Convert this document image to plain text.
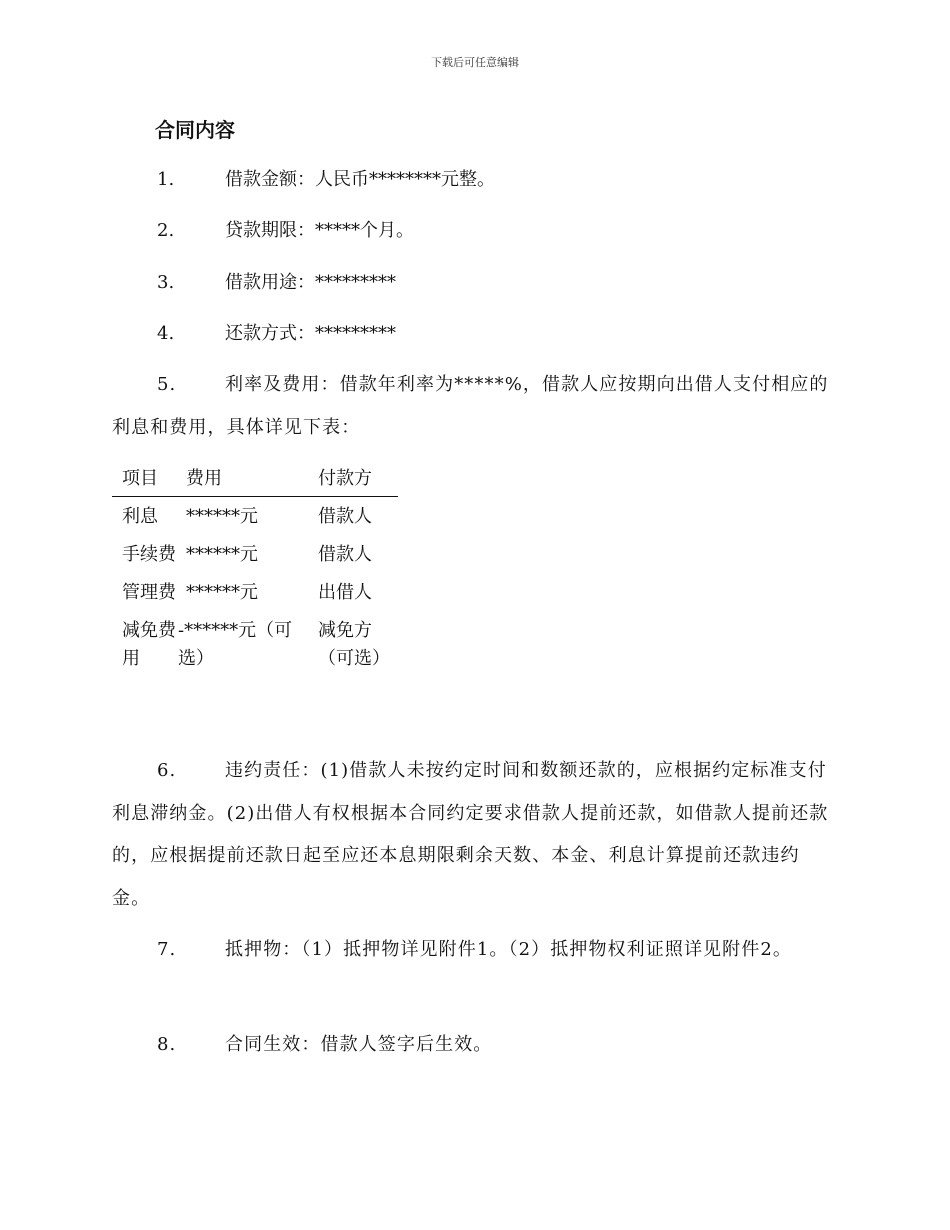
下载后可任意编辑
合同内容
1.	借款金额：人民币********元整。
2.	贷款期限：*****个月。
3.	借款用途：*********
4.	还款方式：*********
5.	利率及费用：借款年利率为*****%，借款人应按期向出借人支付相应的利息和费用，具体详见下表：
项目	费用	付款方
利息	******元	借款人
手续费	******元	借款人
管理费	******元	出借人
减免费用	-******元（可选）	减免方（可选）
6.	违约责任：(1)借款人未按约定时间和数额还款的，应根据约定标准支付利息滞纳金。(2)出借人有权根据本合同约定要求借款人提前还款，如借款人提前还款的，应根据提前还款日起至应还本息期限剩余天数、本金、利息计算提前还款违约金。
7.	抵押物：（1）抵押物详见附件1。（2）抵押物权利证照详见附件2。
8.	合同生效：借款人签字后生效。
